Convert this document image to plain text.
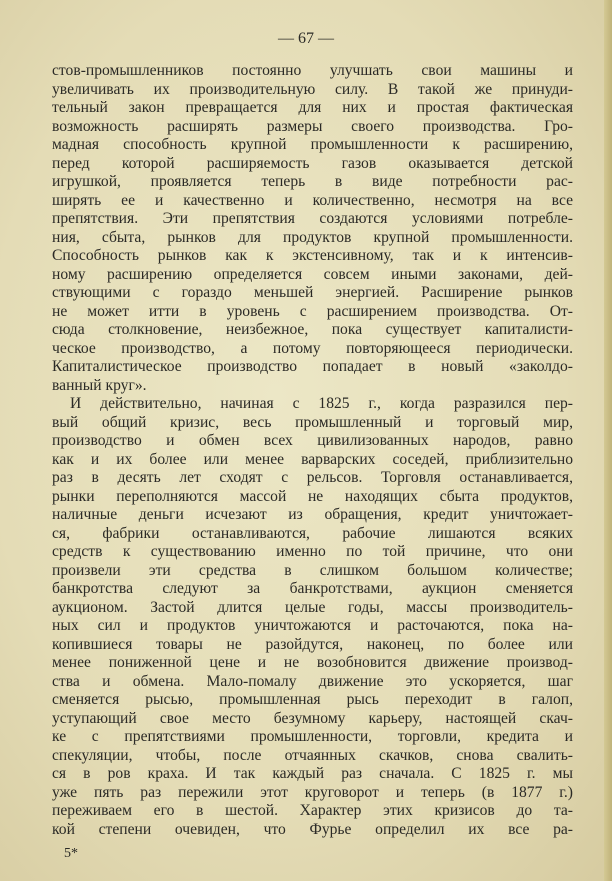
— 67 —
стов-промышленников постоянно улучшать свои машины и
увеличивать их производительную силу. В такой же принуди-
тельный закон превращается для них и простая фактическая
возможность расширять размеры своего производства. Гро-
мадная способность крупной промышленности к расширению,
перед которой расширяемость газов оказывается детской
игрушкой, проявляется теперь в виде потребности рас-
ширять ее и качественно и количественно, несмотря на все
препятствия. Эти препятствия создаются условиями потребле-
ния, сбыта, рынков для продуктов крупной промышленности.
Способность рынков как к экстенсивному, так и к интенсив-
ному расширению определяется совсем иными законами, дей-
ствующими с гораздо меньшей энергией. Расширение рынков
не может итти в уровень с расширением производства. От-
сюда столкновение, неизбежное, пока существует капиталисти-
ческое производство, а потому повторяющееся периодически.
Капиталистическое производство попадает в новый «заколдо-
ванный круг».
И действительно, начиная с 1825 г., когда разразился пер-
вый общий кризис, весь промышленный и торговый мир,
производство и обмен всех цивилизованных народов, равно
как и их более или менее варварских соседей, приблизительно
раз в десять лет сходят с рельсов. Торговля останавливается,
рынки переполняются массой не находящих сбыта продуктов,
наличные деньги исчезают из обращения, кредит уничтожает-
ся, фабрики останавливаются, рабочие лишаются всяких
средств к существованию именно по той причине, что они
произвели эти средства в слишком большом количестве;
банкротства следуют за банкротствами, аукцион сменяется
аукционом. Застой длится целые годы, массы производитель-
ных сил и продуктов уничтожаются и расточаются, пока на-
копившиеся товары не разойдутся, наконец, по более или
менее пониженной цене и не возобновится движение производ-
ства и обмена. Мало-помалу движение это ускоряется, шаг
сменяется рысью, промышленная рысь переходит в галоп,
уступающий свое место безумному карьеру, настоящей скач-
ке с препятствиями промышленности, торговли, кредита и
спекуляции, чтобы, после отчаянных скачков, снова свалить-
ся в ров краха. И так каждый раз сначала. С 1825 г. мы
уже пять раз пережили этот круговорот и теперь (в 1877 г.)
переживаем его в шестой. Характер этих кризисов до та-
кой степени очевиден, что Фурье определил их все ра-
5*
